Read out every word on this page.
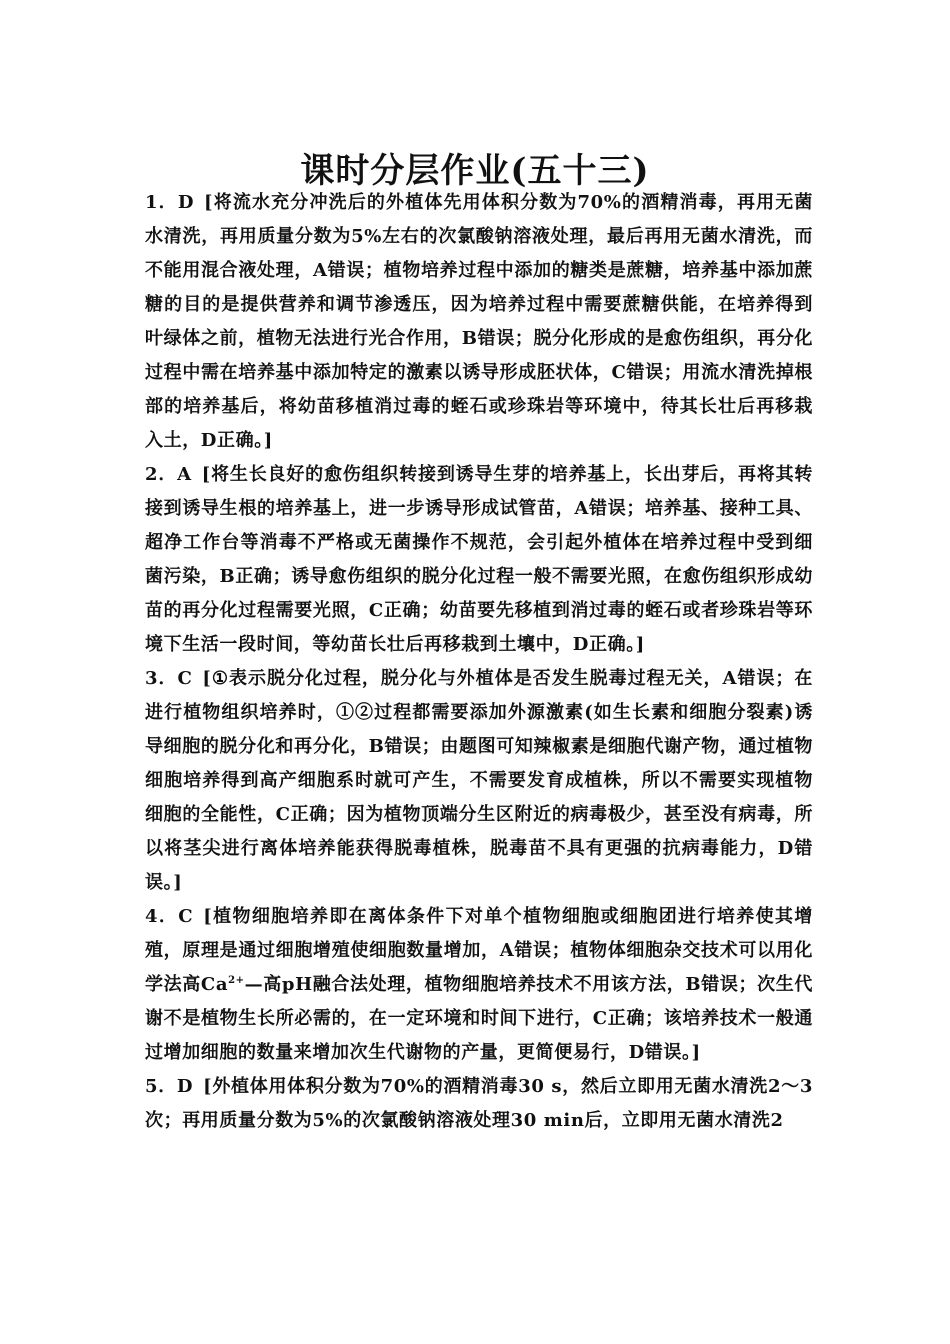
课时分层作业(五十三)

1．D [将流水充分冲洗后的外植体先用体积分数为70%的酒精消毒，再用无菌水清洗，再用质量分数为5%左右的次氯酸钠溶液处理，最后再用无菌水清洗，而不能用混合液处理，A错误；植物培养过程中添加的糖类是蔗糖，培养基中添加蔗糖的目的是提供营养和调节渗透压，因为培养过程中需要蔗糖供能，在培养得到叶绿体之前，植物无法进行光合作用，B错误；脱分化形成的是愈伤组织，再分化过程中需在培养基中添加特定的激素以诱导形成胚状体，C错误；用流水清洗掉根部的培养基后，将幼苗移植消过毒的蛭石或珍珠岩等环境中，待其长壮后再移栽入土，D正确。]

2．A [将生长良好的愈伤组织转接到诱导生芽的培养基上，长出芽后，再将其转接到诱导生根的培养基上，进一步诱导形成试管苗，A错误；培养基、接种工具、超净工作台等消毒不严格或无菌操作不规范，会引起外植体在培养过程中受到细菌污染，B正确；诱导愈伤组织的脱分化过程一般不需要光照，在愈伤组织形成幼苗的再分化过程需要光照，C正确；幼苗要先移植到消过毒的蛭石或者珍珠岩等环境下生活一段时间，等幼苗长壮后再移栽到土壤中，D正确。]

3．C [①表示脱分化过程，脱分化与外植体是否发生脱毒过程无关，A错误；在进行植物组织培养时，①②过程都需要添加外源激素(如生长素和细胞分裂素)诱导细胞的脱分化和再分化，B错误；由题图可知辣椒素是细胞代谢产物，通过植物细胞培养得到高产细胞系时就可产生，不需要发育成植株，所以不需要实现植物细胞的全能性，C正确；因为植物顶端分生区附近的病毒极少，甚至没有病毒，所以将茎尖进行离体培养能获得脱毒植株，脱毒苗不具有更强的抗病毒能力，D错误。]

4．C [植物细胞培养即在离体条件下对单个植物细胞或细胞团进行培养使其增殖，原理是通过细胞增殖使细胞数量增加，A错误；植物体细胞杂交技术可以用化学法高$Ca^{2+}—$高pH融合法处理，植物细胞培养技术不用该方法，B错误；次生代谢不是植物生长所必需的，在一定环境和时间下进行，C正确；该培养技术一般通过增加细胞的数量来增加次生代谢物的产量，更简便易行，D错误。]

5．D [外植体用体积分数为70%的酒精消毒30 s，然后立即用无菌水清洗2～3次；再用质量分数为5%的次氯酸钠溶液处理30 min后，立即用无菌水清洗2
